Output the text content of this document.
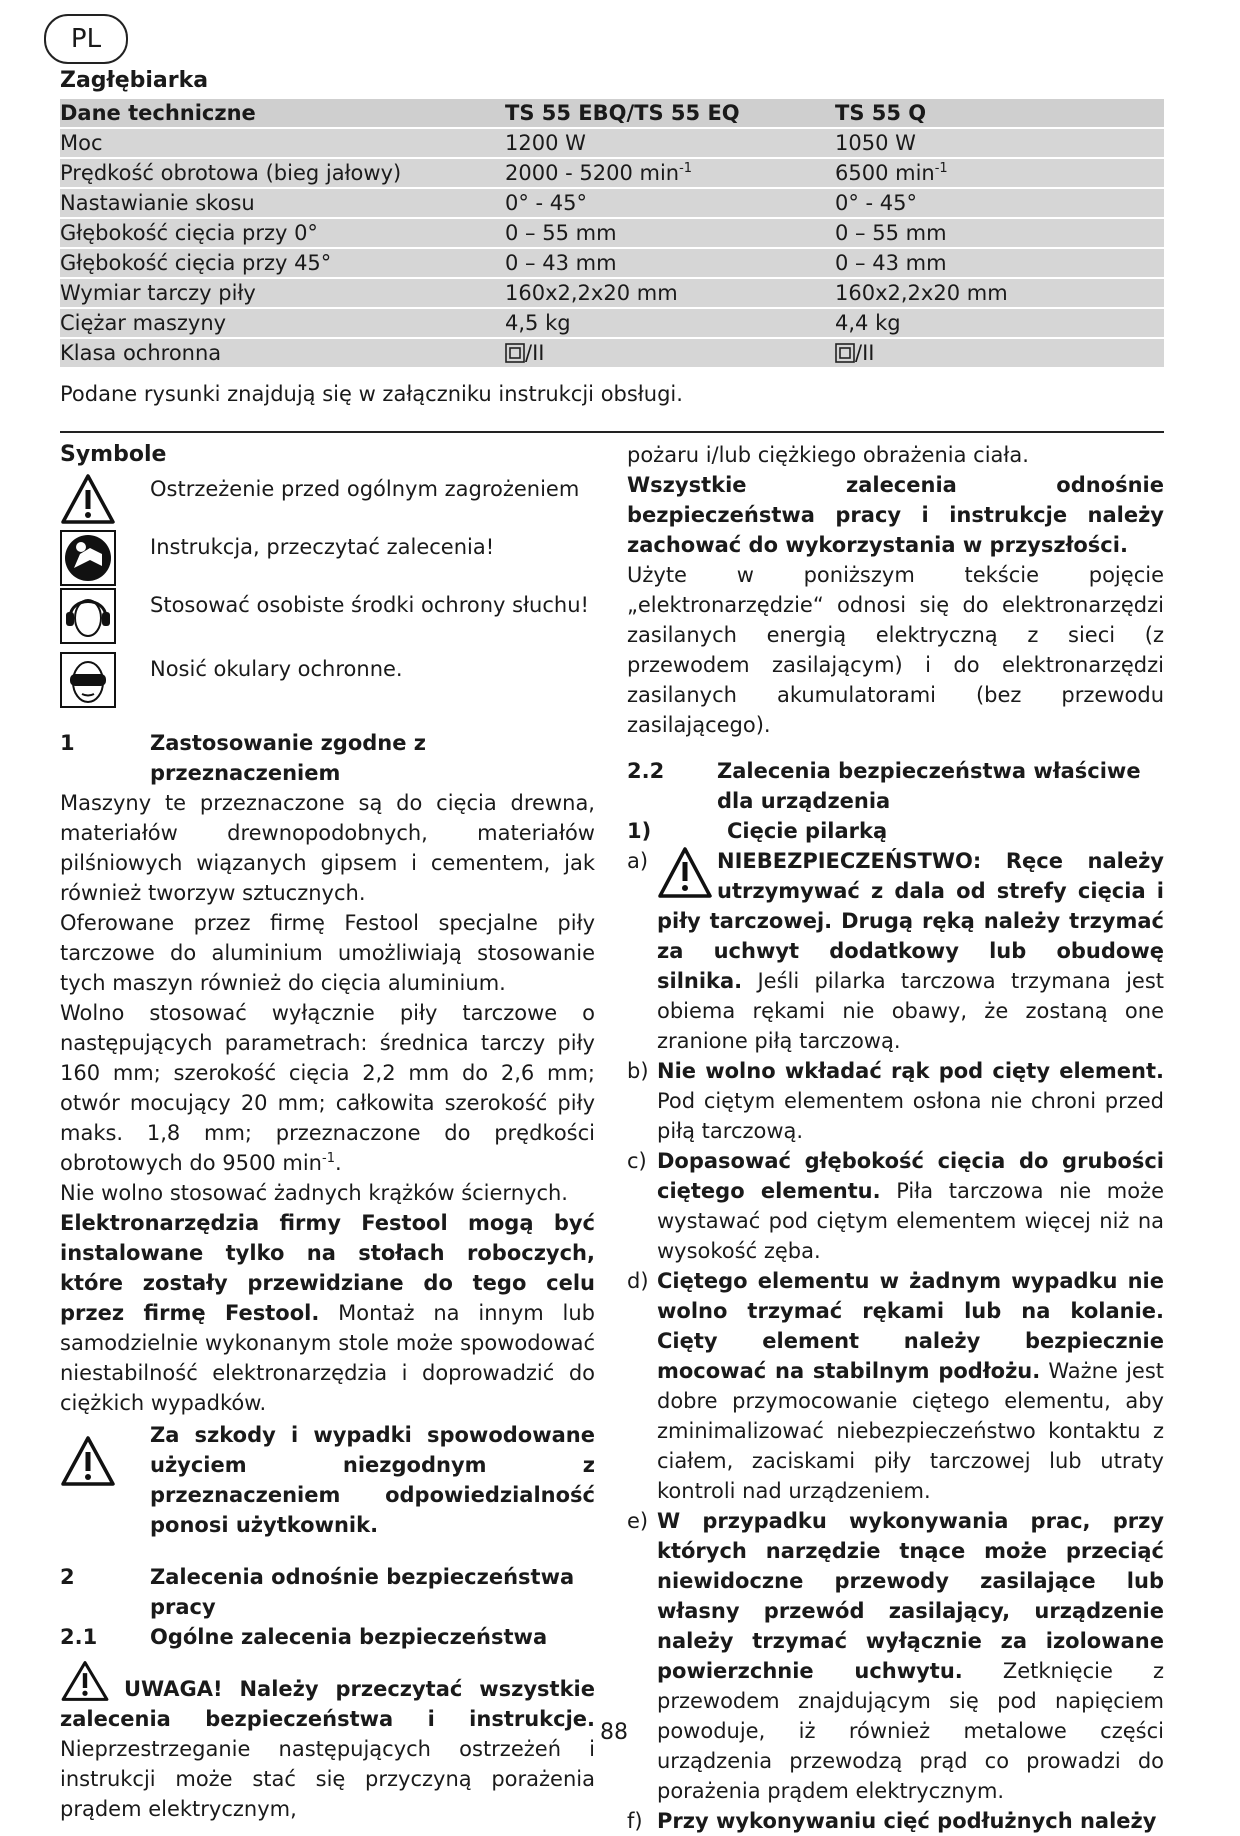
PL
Zagłębiarka
Dane techniczne	TS 55 EBQ/TS 55 EQ	TS 55 Q
Moc	1200 W	1050 W
Prędkość obrotowa (bieg jałowy)	2000 - 5200 $\min^{-1}$	6500 $\min^{-1}$
Nastawianie skosu	0° - 45°	0° - 45°
Głębokość cięcia przy 0°	0 – 55 mm	0 – 55 mm
Głębokość cięcia przy 45°	0 – 43 mm	0 – 43 mm
Wymiar tarczy piły	160x2,2x20 mm	160x2,2x20 mm
Ciężar maszyny	4,5 kg	4,4 kg
Klasa ochronna	/II	/II
Podane rysunki znajdują się w załączniku instrukcji obsługi.
Symbole
Ostrzeżenie przed ogólnym zagrożeniem
Instrukcja, przeczytać zalecenia!
Stosować osobiste środki ochrony słuchu!
Nosić okulary ochronne.
1	Zastosowanie zgodne z przeznaczeniem

Maszyny te przeznaczone są do cięcia drewna, materiałów drewnopodobnych, materiałów pilśniowych wiązanych gipsem i cementem, jak również tworzyw sztucznych.

Oferowane przez firmę Festool specjalne piły tarczowe do aluminium umożliwiają stosowanie tych maszyn również do cięcia aluminium.

Wolno stosować wyłącznie piły tarczowe o następujących parametrach: średnica tarczy piły 160 mm; szerokość cięcia 2,2 mm do 2,6 mm; otwór mocujący 20 mm; całkowita szerokość piły maks. 1,8 mm; przeznaczone do prędkości obrotowych do 9500 $\min^{-1}$.

Nie wolno stosować żadnych krążków ściernych.

Elektronarzędzia firmy Festool mogą być instalowane tylko na stołach roboczych, które zostały przewidziane do tego celu przez firmę Festool. Montaż na innym lub samodzielnie wykonanym stole może spowodować niestabilność elektronarzędzia i doprowadzić do ciężkich wypadków.

Za szkody i wypadki spowodowane użyciem niezgodnym z przeznaczeniem odpowiedzialność ponosi użytkownik.

2	Zalecenia odnośnie bezpieczeństwa pracy
2.1	Ogólne zalecenia bezpieczeństwa

UWAGA! Należy przeczytać wszystkie zalecenia bezpieczeństwa i instrukcje. Nieprzestrzeganie następujących ostrzeżeń i instrukcji może stać się przyczyną porażenia prądem elektrycznym,

pożaru i/lub ciężkiego obrażenia ciała.

Wszystkie zalecenia odnośnie bezpieczeństwa pracy i instrukcje należy zachować do wykorzystania w przyszłości.

Użyte w poniższym tekście pojęcie „elektronarzędzie“ odnosi się do elektronarzędzi zasilanych energią elektryczną z sieci (z przewodem zasilającym) i do elektronarzędzi zasilanych akumulatorami (bez przewodu zasilającego).

2.2	Zalecenia bezpieczeństwa właściwe dla urządzenia
1)	Cięcie pilarką
a)	NIEBEZPIECZEŃSTWO: Ręce należy utrzymywać z dala od strefy cięcia i piły tarczowej. Drugą ręką należy trzymać za uchwyt dodatkowy lub obudowę silnika. Jeśli pilarka tarczowa trzymana jest obiema rękami nie obawy, że zostaną one zranione piłą tarczową.
b) Nie wolno wkładać rąk pod cięty element. Pod ciętym elementem osłona nie chroni przed piłą tarczową.
c) Dopasować głębokość cięcia do grubości ciętego elementu. Piła tarczowa nie może wystawać pod ciętym elementem więcej niż na wysokość zęba.
d) Ciętego elementu w żadnym wypadku nie wolno trzymać rękami lub na kolanie. Cięty element należy bezpiecznie mocować na stabilnym podłożu. Ważne jest dobre przymocowanie ciętego elementu, aby zminimalizować niebezpieczeństwo kontaktu z ciałem, zaciskami piły tarczowej lub utraty kontroli nad urządzeniem.
e) W przypadku wykonywania prac, przy których narzędzie tnące może przeciąć niewidoczne przewody zasilające lub własny przewód zasilający, urządzenie należy trzymać wyłącznie za izolowane powierzchnie uchwytu. Zetknięcie z przewodem znajdującym się pod napięciem powoduje, iż również metalowe części urządzenia przewodzą prąd co prowadzi do porażenia prądem elektrycznym.
f) Przy wykonywaniu cięć podłużnych należy
88
